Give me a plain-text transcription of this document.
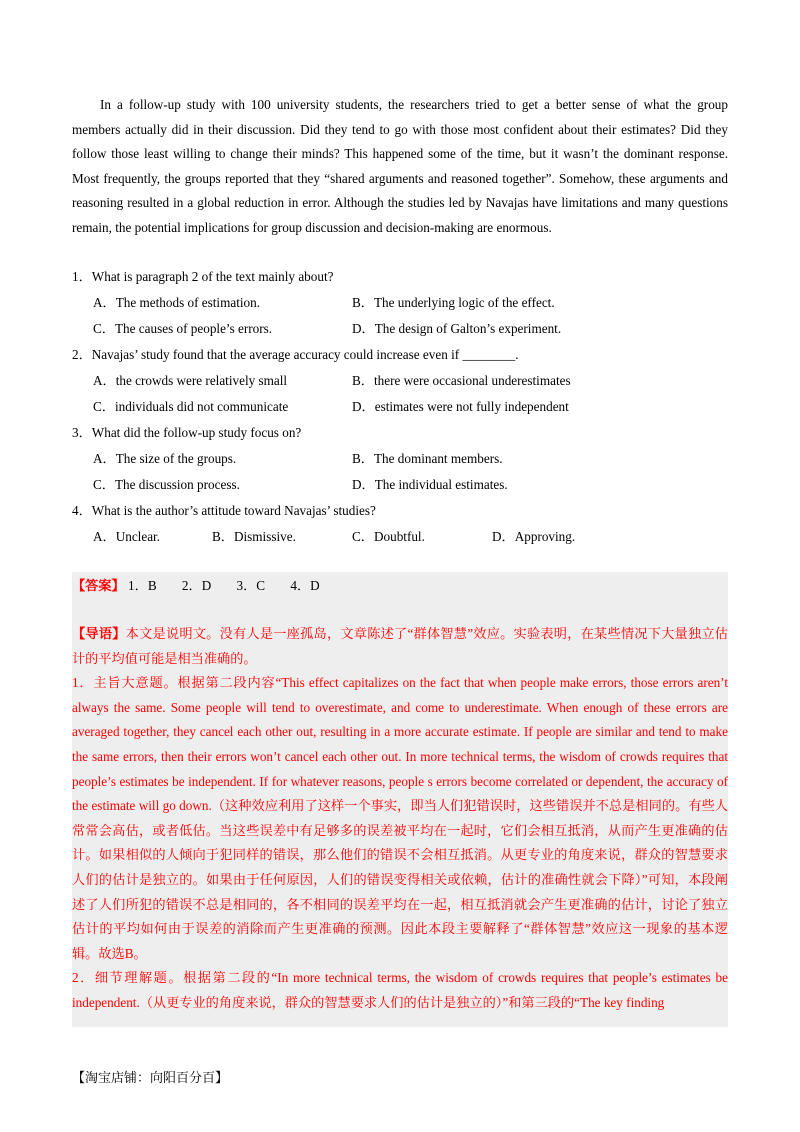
In a follow-up study with 100 university students, the researchers tried to get a better sense of what the group members actually did in their discussion. Did they tend to go with those most confident about their estimates? Did they follow those least willing to change their minds? This happened some of the time, but it wasn’t the dominant response. Most frequently, the groups reported that they “shared arguments and reasoned together”. Somehow, these arguments and reasoning resulted in a global reduction in error. Although the studies led by Navajas have limitations and many questions remain, the potential implications for group discussion and decision-making are enormous.
1．What is paragraph 2 of the text mainly about?
A．The methods of estimation.	B．The underlying logic of the effect.
C．The causes of people’s errors.	D．The design of Galton’s experiment.
2．Navajas’ study found that the average accuracy could increase even if ________.
A．the crowds were relatively small	B．there were occasional underestimates
C．individuals did not communicate	D．estimates were not fully independent
3．What did the follow-up study focus on?
A．The size of the groups.	B．The dominant members.
C．The discussion process.	D．The individual estimates.
4．What is the author’s attitude toward Navajas’ studies?
A．Unclear.	B．Dismissive.	C．Doubtful.	D．Approving.
【答案】 1．B 2．D 3．C 4．D

【导语】本文是说明文。没有人是一座孤岛，文章陈述了“群体智慧”效应。实验表明，在某些情况下大量独立估计的平均值可能是相当准确的。

1．主旨大意题。根据第二段内容“This effect capitalizes on the fact that when people make errors, those errors aren’t always the same. Some people will tend to overestimate, and come to underestimate. When enough of these errors are averaged together, they cancel each other out, resulting in a more accurate estimate. If people are similar and tend to make the same errors, then their errors won’t cancel each other out. In more technical terms, the wisdom of crowds requires that people’s estimates be independent. If for whatever reasons, people s errors become correlated or dependent, the accuracy of the estimate will go down.（这种效应利用了这样一个事实，即当人们犯错误时，这些错误并不总是相同的。有些人常常会高估，或者低估。当这些误差中有足够多的误差被平均在一起时，它们会相互抵消，从而产生更准确的估计。如果相似的人倾向于犯同样的错误，那么他们的错误不会相互抵消。从更专业的角度来说，群众的智慧要求人们的估计是独立的。如果由于任何原因，人们的错误变得相关或依赖，估计的准确性就会下降）”可知，本段阐述了人们所犯的错误不总是相同的，各不相同的误差平均在一起，相互抵消就会产生更准确的估计，讨论了独立估计的平均如何由于误差的消除而产生更准确的预测。因此本段主要解释了“群体智慧”效应这一现象的基本逻辑。故选B。

2．细节理解题。根据第二段的“In more technical terms, the wisdom of crowds requires that people’s estimates be independent.（从更专业的角度来说，群众的智慧要求人们的估计是独立的）”和第三段的“The key finding

【淘宝店铺：向阳百分百】
